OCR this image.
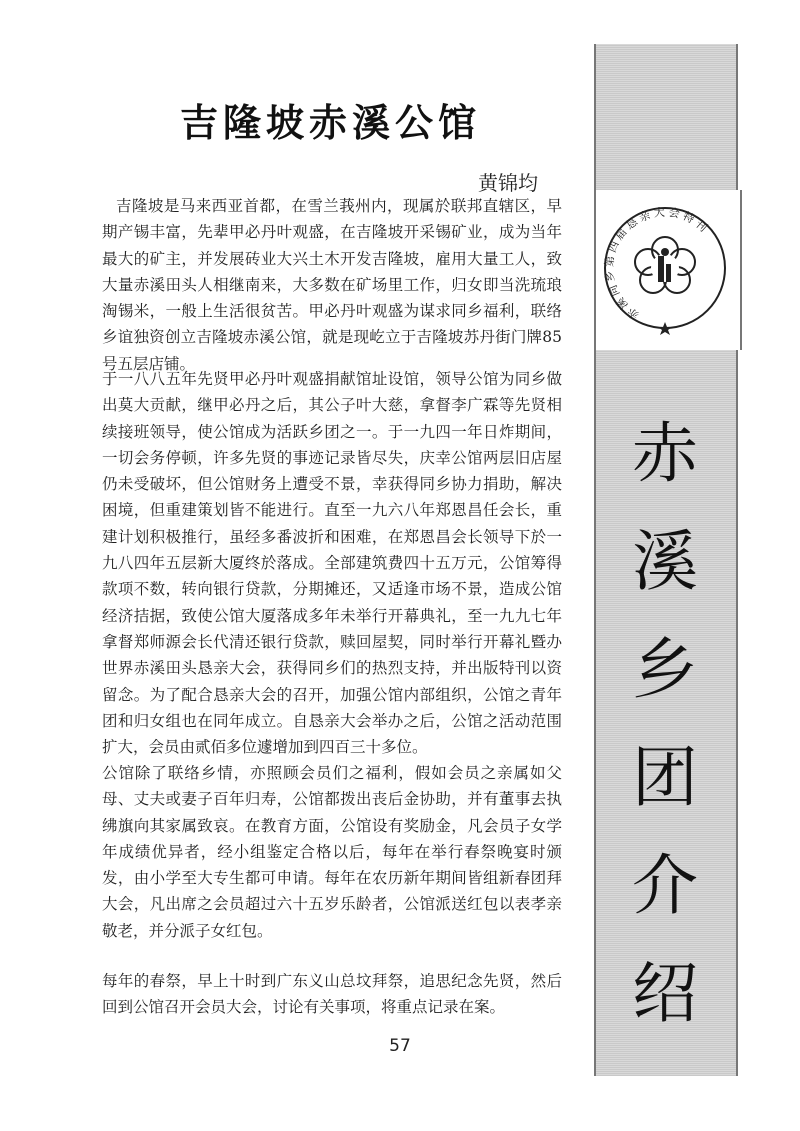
吉隆坡赤溪公馆
黄锦均

吉隆坡是马来西亚首都，在雪兰莪州内，现属於联邦直辖区，早期产锡丰富，先辈甲必丹叶观盛，在吉隆坡开采锡矿业，成为当年最大的矿主，并发展砖业大兴土木开发吉隆坡，雇用大量工人，致大量赤溪田头人相继南来，大多数在矿场里工作，归女即当洗琉琅淘锡米，一般上生活很贫苦。甲必丹叶观盛为谋求同乡福利，联络乡谊独资创立吉隆坡赤溪公馆，就是现屹立于吉隆坡苏丹街门牌85号五层店铺。

于一八八五年先贤甲必丹叶观盛捐献馆址设馆，领导公馆为同乡做出莫大贡献，继甲必丹之后，其公子叶大慈，拿督李广霖等先贤相续接班领导，使公馆成为活跃乡团之一。于一九四一年日炸期间，一切会务停顿，许多先贤的事迹记录皆尽失，庆幸公馆两层旧店屋仍未受破坏，但公馆财务上遭受不景，幸获得同乡协力捐助，解决困境，但重建策划皆不能进行。直至一九六八年郑恩昌任会长，重建计划积极推行，虽经多番波折和困难，在郑恩昌会长领导下於一九八四年五层新大厦终於落成。全部建筑费四十五万元，公馆筹得款项不数，转向银行贷款，分期摊还，又适逢市场不景，造成公馆经济拮据，致使公馆大厦落成多年未举行开幕典礼，至一九九七年拿督郑师源会长代清还银行贷款，赎回屋契，同时举行开幕礼暨办世界赤溪田头恳亲大会，获得同乡们的热烈支持，并出版特刊以资留念。为了配合恳亲大会的召开，加强公馆内部组织，公馆之青年团和归女组也在同年成立。自恳亲大会举办之后，公馆之活动范围扩大，会员由贰佰多位遽增加到四百三十多位。

公馆除了联络乡情，亦照顾会员们之福利，假如会员之亲属如父母、丈夫或妻子百年归寿，公馆都拨出丧后金协助，并有董事去执绋旗向其家属致哀。在教育方面，公馆设有奖励金，凡会员子女学年成绩优异者，经小组鉴定合格以后，每年在举行春祭晚宴时颁发，由小学至大专生都可申请。每年在农历新年期间皆组新春团拜大会，凡出席之会员超过六十五岁乐龄者，公馆派送红包以表孝亲敬老，并分派子女红包。

每年的春祭，早上十时到广东义山总坟拜祭，追思纪念先贤，然后回到公馆召开会员大会，讨论有关事项，将重点记录在案。

57
赤溪同乡第四届恳亲大会特刊
赤溪乡团介绍
